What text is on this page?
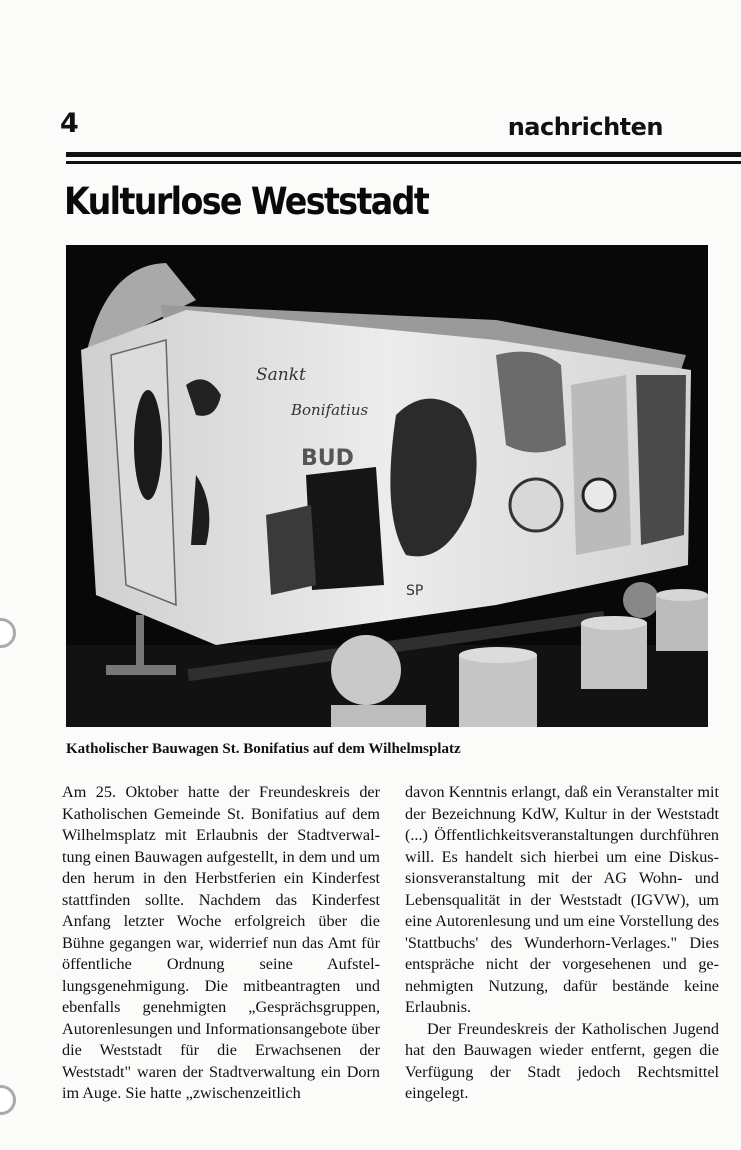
4	nachrichten
Kulturlose Weststadt
Sankt
Bonifatius
BUD
SP
Katholischer Bauwagen St. Bonifatius auf dem Wilhelmsplatz

Am 25. Oktober hatte der Freundeskreis der Katholischen Gemeinde St. Bonifatius auf dem Wilhelmsplatz mit Erlaubnis der Stadtverwaltung einen Bauwagen aufgestellt, in dem und um den herum in den Herbstferien ein Kinderfest stattfinden sollte. Nachdem das Kinderfest Anfang letzter Woche erfolgreich über die Bühne gegangen war, widerrief nun das Amt für öffentliche Ordnung seine Aufstellungsgenehmigung. Die mitbeantragten und ebenfalls genehmigten „Gesprächsgruppen, Autorenlesungen und Informationsangebote über die Weststadt für die Erwachsenen der Weststadt" waren der Stadtverwaltung ein Dorn im Auge. Sie hatte „zwischenzeitlich

davon Kenntnis erlangt, daß ein Veranstalter mit der Bezeichnung KdW, Kultur in der Weststadt (...) Öffentlichkeitsveranstaltungen durchführen will. Es handelt sich hierbei um eine Diskussionsveranstaltung mit der AG Wohn- und Lebensqualität in der Weststadt (IGVW), um eine Autorenlesung und um eine Vorstellung des 'Stattbuchs' des Wunderhorn-Verlages." Dies entspräche nicht der vorgesehenen und genehmigten Nutzung, dafür bestände keine Erlaubnis.

Der Freundeskreis der Katholischen Jugend hat den Bauwagen wieder entfernt, gegen die Verfügung der Stadt jedoch Rechtsmittel eingelegt.
